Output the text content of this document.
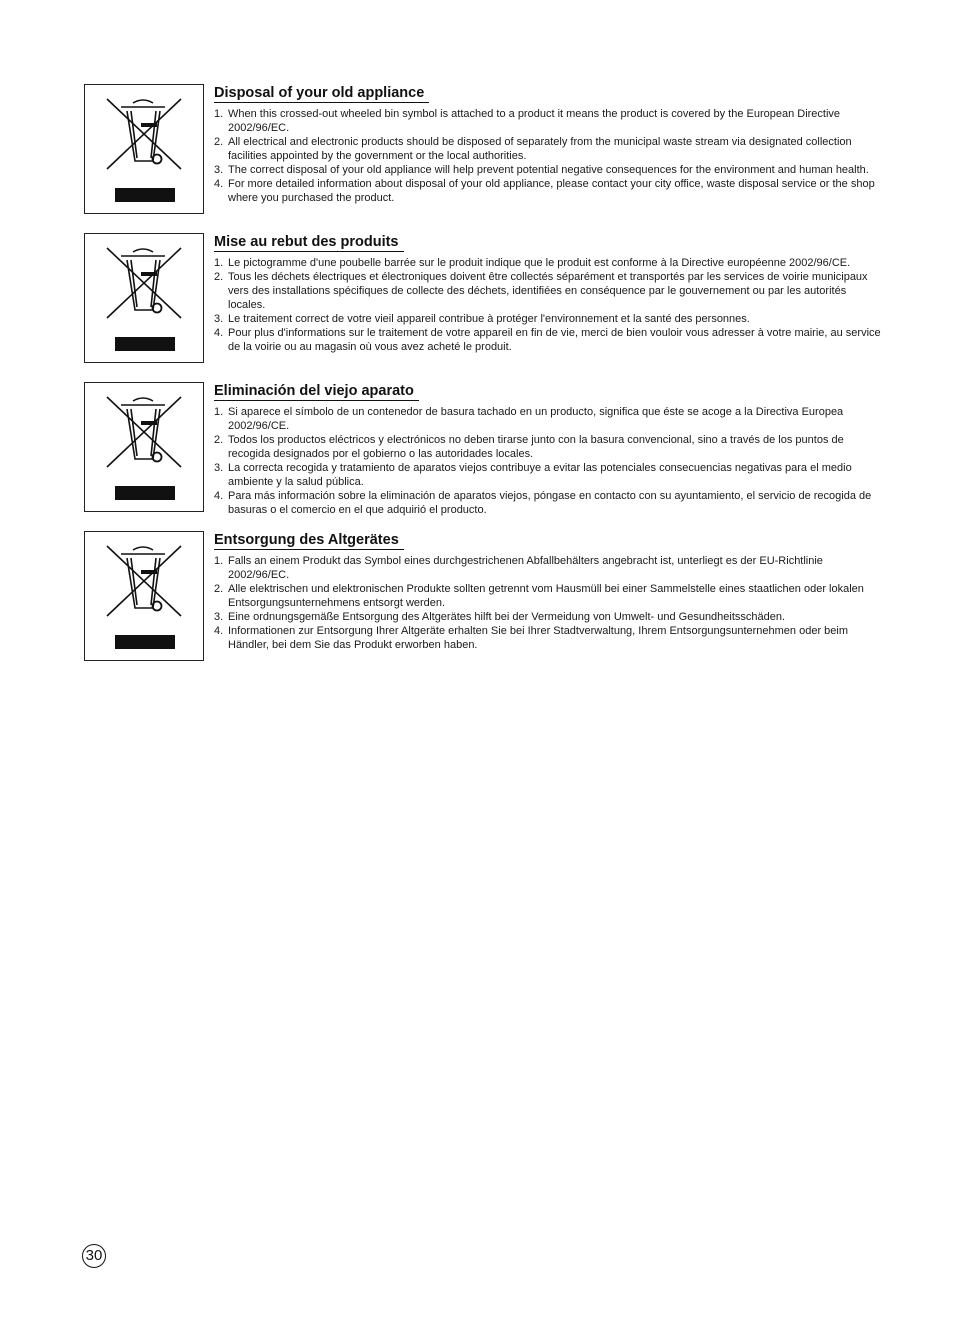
Disposal of your old appliance
1. When this crossed-out wheeled bin symbol is attached to a product it means the product is covered by the European Directive 2002/96/EC.
2. All electrical and electronic products should be disposed of separately from the municipal waste stream via designated collection facilities appointed by the government or the local authorities.
3. The correct disposal of your old appliance will help prevent potential negative consequences for the environment and human health.
4. For more detailed information about disposal of your old appliance, please contact your city office, waste disposal service or the shop where you purchased the product.
Mise au rebut des produits
1. Le pictogramme d'une poubelle barrée sur le produit indique que le produit est conforme à la Directive européenne 2002/96/CE.
2. Tous les déchets électriques et électroniques doivent être collectés séparément et transportés par les services de voirie municipaux vers des installations spécifiques de collecte des déchets, identifiées en conséquence par le gouvernement ou par les autorités locales.
3. Le traitement correct de votre vieil appareil contribue à protéger l'environnement et la santé des personnes.
4. Pour plus d'informations sur le traitement de votre appareil en fin de vie, merci de bien vouloir vous adresser à votre mairie, au service de la voirie ou au magasin où vous avez acheté le produit.
Eliminación del viejo aparato
1. Si aparece el símbolo de un contenedor de basura tachado en un producto, significa que éste se acoge a la Directiva Europea 2002/96/CE.
2. Todos los productos eléctricos y electrónicos no deben tirarse junto con la basura convencional, sino a través de los puntos de recogida designados por el gobierno o las autoridades locales.
3. La correcta recogida y tratamiento de aparatos viejos contribuye a evitar las potenciales consecuencias negativas para el medio ambiente y la salud pública.
4. Para más información sobre la eliminación de aparatos viejos, póngase en contacto con su ayuntamiento, el servicio de recogida de basuras o el comercio en el que adquirió el producto.
Entsorgung des Altgerätes
1. Falls an einem Produkt das Symbol eines durchgestrichenen Abfallbehälters angebracht ist, unterliegt es der EU-Richtlinie 2002/96/EC.
2. Alle elektrischen und elektronischen Produkte sollten getrennt vom Hausmüll bei einer Sammelstelle eines staatlichen oder lokalen Entsorgungsunternehmens entsorgt werden.
3. Eine ordnungsgemäße Entsorgung des Altgerätes hilft bei der Vermeidung von Umwelt- und Gesundheitsschäden.
4. Informationen zur Entsorgung Ihrer Altgeräte erhalten Sie bei Ihrer Stadtverwaltung, Ihrem Entsorgungsunternehmen oder beim Händler, bei dem Sie das Produkt erworben haben.
30
